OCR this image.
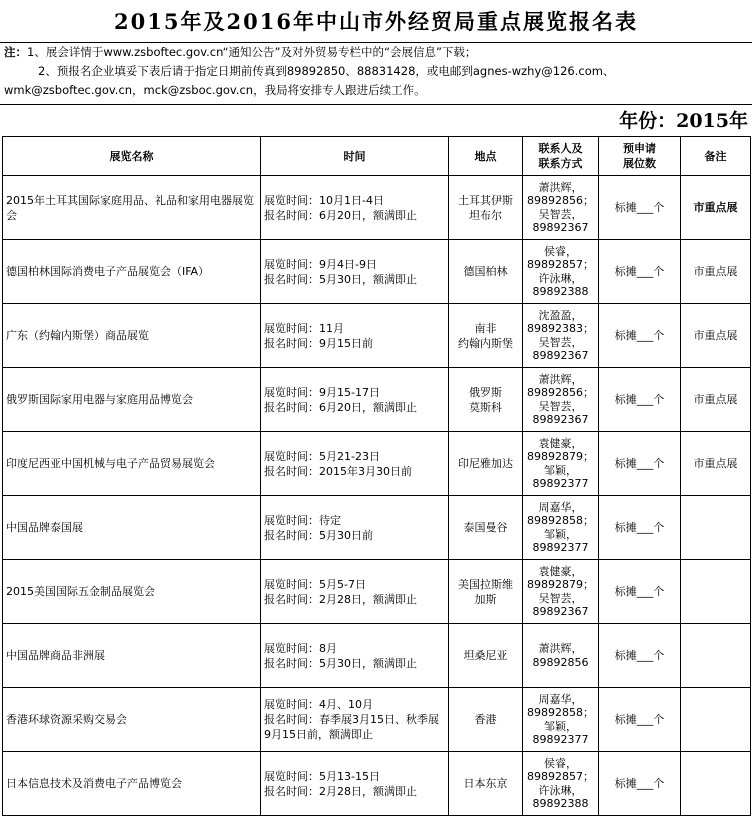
2015年及2016年中山市外经贸局重点展览报名表
注：1、展会详情于www.zsboftec.gov.cn“通知公告”及对外贸易专栏中的“会展信息”下载；
2、预报名企业填妥下表后请于指定日期前传真到89892850、88831428，或电邮到agnes-wzhy@126.com、
wmk@zsboftec.gov.cn，mck@zsboc.gov.cn，我局将安排专人跟进后续工作。
年份：2015年
展览名称	时间	地点	联系人及
联系方式	预申请
展位数	备注
2015年土耳其国际家庭用品、礼品和家用电器展览会	展览时间：10月1日-4日
报名时间：6月20日，额满即止	土耳其伊斯
坦布尔	萧洪辉，
89892856；
吴智芸，
89892367	标摊___个	市重点展
德国柏林国际消费电子产品展览会（IFA）	展览时间：9月4日-9日
报名时间：5月30日，额满即止	德国柏林	侯睿，
89892857；
许泳琳，
89892388	标摊___个	市重点展
广东（约翰内斯堡）商品展览	展览时间：11月
报名时间：9月15日前	南非
约翰内斯堡	沈盈盈，
89892383；
吴智芸，
89892367	标摊___个	市重点展
俄罗斯国际家用电器与家庭用品博览会	展览时间：9月15-17日
报名时间：6月20日，额满即止	俄罗斯
莫斯科	萧洪辉，
89892856；
吴智芸，
89892367	标摊___个	市重点展
印度尼西亚中国机械与电子产品贸易展览会	展览时间：5月21-23日
报名时间：2015年3月30日前	印尼雅加达	袁健豪，
89892879；
邹颖，
89892377	标摊___个	市重点展
中国品牌泰国展	展览时间：待定
报名时间：5月30日前	泰国曼谷	周嘉华，
89892858；
邹颖，
89892377	标摊___个	
2015美国国际五金制品展览会	展览时间：5月5-7日
报名时间：2月28日，额满即止	美国拉斯维
加斯	袁健豪，
89892879；
吴智芸，
89892367	标摊___个	
中国品牌商品非洲展	展览时间：8月
报名时间：5月30日，额满即止	坦桑尼亚	萧洪辉，
89892856	标摊___个	
香港环球资源采购交易会	展览时间：4月、10月
报名时间：春季展3月15日、秋季展9月15日前，额满即止	香港	周嘉华，
89892858；
邹颖，
89892377	标摊___个	
日本信息技术及消费电子产品博览会	展览时间：5月13-15日
报名时间：2月28日，额满即止	日本东京	侯睿，
89892857；
许泳琳，
89892388	标摊___个	
